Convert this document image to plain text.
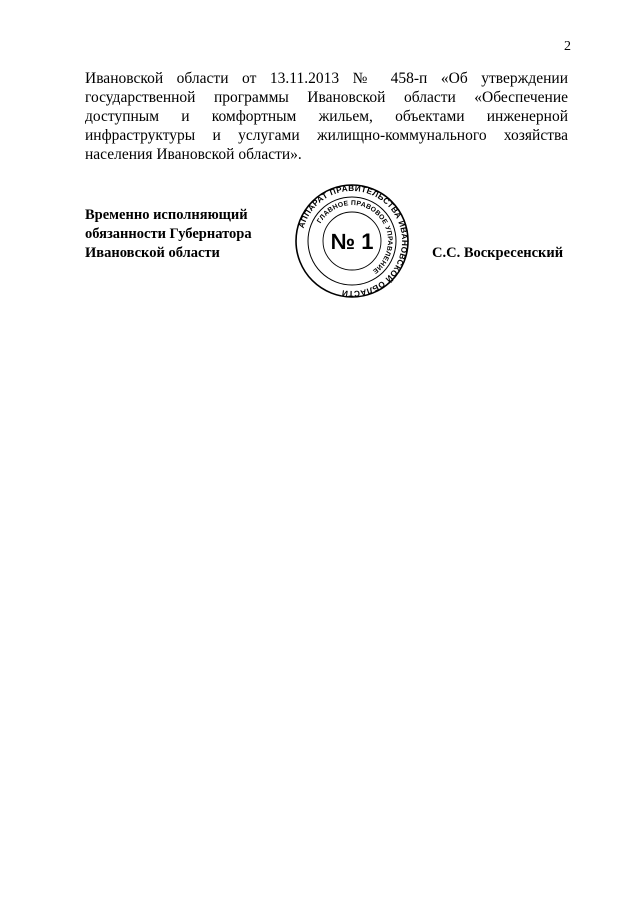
2

Ивановской области от 13.11.2013 № 458-п «Об утверждении государственной программы Ивановской области «Обеспечение доступным и комфортным жильем, объектами инженерной инфраструктуры и услугами жилищно-коммунального хозяйства населения Ивановской области».

Временно исполняющий
обязанности Губернатора
Ивановской области
АППАРАТ ПРАВИТЕЛЬСТВА ИВАНОВСКОЙ ОБЛАСТИ
ГЛАВНОЕ ПРАВОВОЕ УПРАВЛЕНИЕ
№ 1	С.С. Воскресенский
